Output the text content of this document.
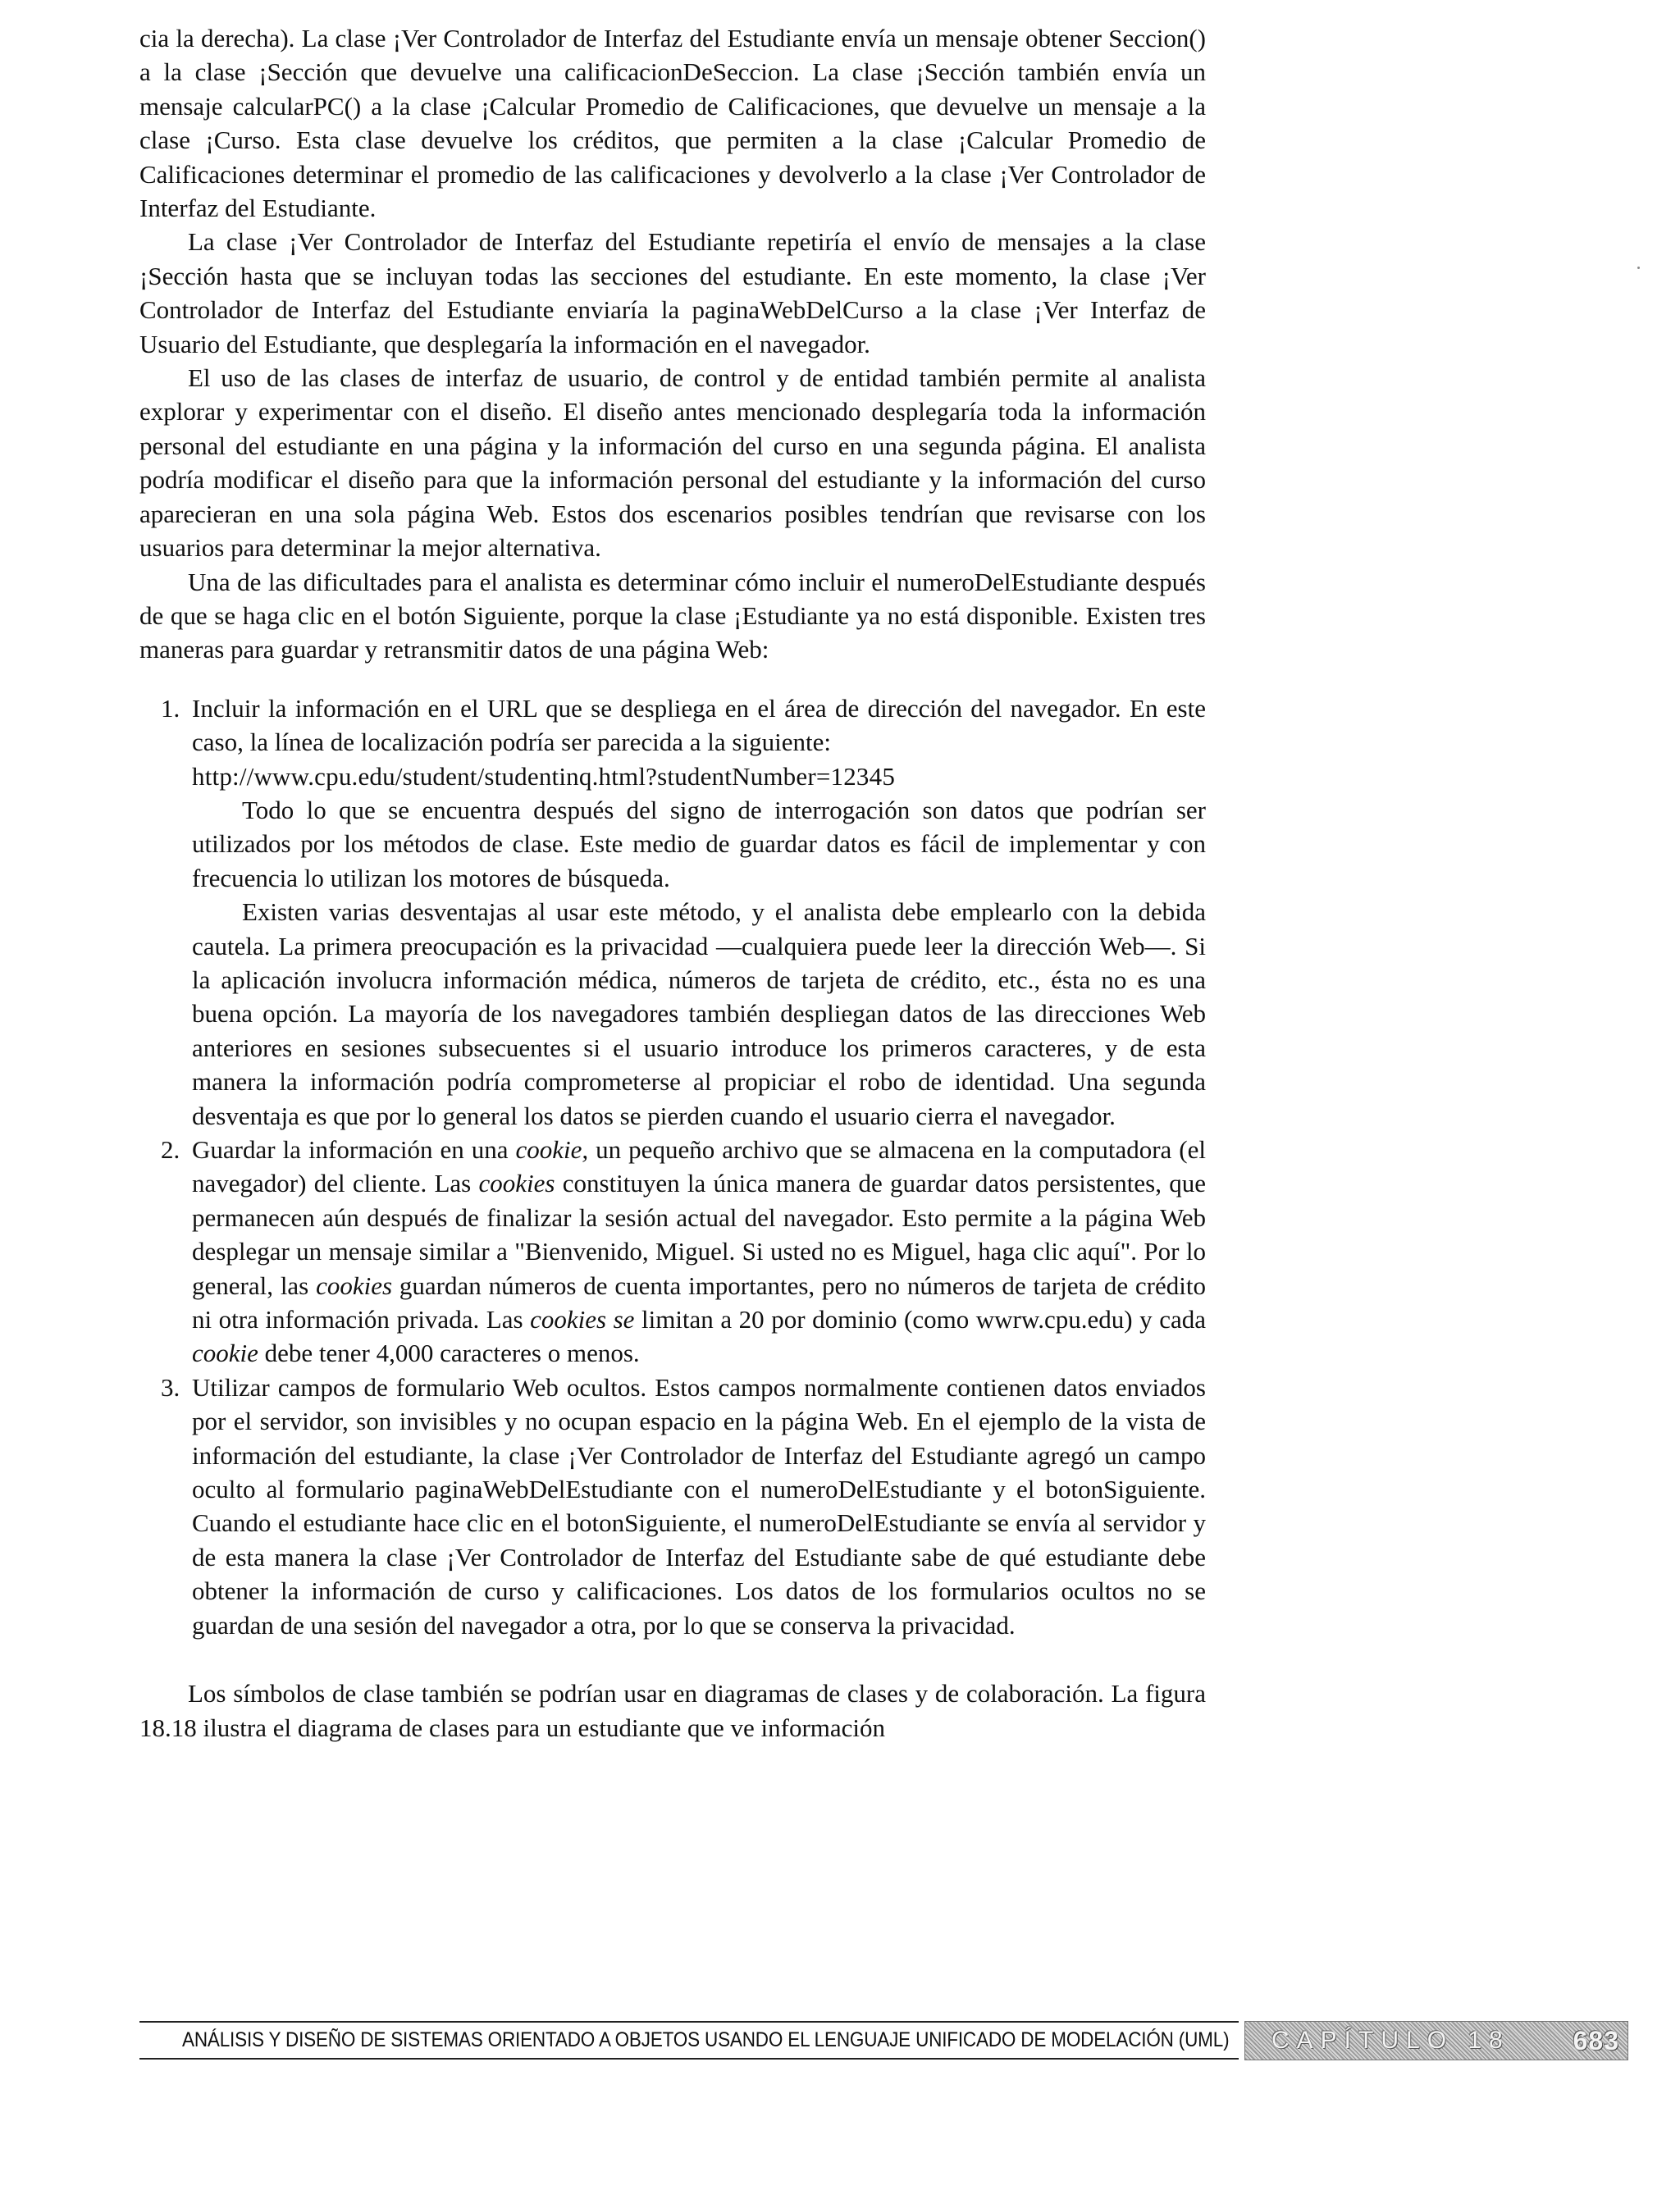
cia la derecha). La clase ¡Ver Controlador de Interfaz del Estudiante envía un mensaje obtener Seccion() a la clase ¡Sección que devuelve una calificacionDeSeccion. La clase ¡Sección también envía un mensaje calcularPC() a la clase ¡Calcular Promedio de Calificaciones, que devuelve un mensaje a la clase ¡Curso. Esta clase devuelve los créditos, que permiten a la clase ¡Calcular Promedio de Calificaciones determinar el promedio de las calificaciones y devolverlo a la clase ¡Ver Controlador de Interfaz del Estudiante.

La clase ¡Ver Controlador de Interfaz del Estudiante repetiría el envío de mensajes a la clase ¡Sección hasta que se incluyan todas las secciones del estudiante. En este momento, la clase ¡Ver Controlador de Interfaz del Estudiante enviaría la paginaWebDelCurso a la clase ¡Ver Interfaz de Usuario del Estudiante, que desplegaría la información en el navegador.

El uso de las clases de interfaz de usuario, de control y de entidad también permite al analista explorar y experimentar con el diseño. El diseño antes mencionado desplegaría toda la información personal del estudiante en una página y la información del curso en una segunda página. El analista podría modificar el diseño para que la información personal del estudiante y la información del curso aparecieran en una sola página Web. Estos dos escenarios posibles tendrían que revisarse con los usuarios para determinar la mejor alternativa.

Una de las dificultades para el analista es determinar cómo incluir el numeroDelEstudiante después de que se haga clic en el botón Siguiente, porque la clase ¡Estudiante ya no está disponible. Existen tres maneras para guardar y retransmitir datos de una página Web:

1. Incluir la información en el URL que se despliega en el área de dirección del navegador. En este caso, la línea de localización podría ser parecida a la siguiente:

http://www.cpu.edu/student/studentinq.html?studentNumber=12345

Todo lo que se encuentra después del signo de interrogación son datos que podrían ser utilizados por los métodos de clase. Este medio de guardar datos es fácil de implementar y con frecuencia lo utilizan los motores de búsqueda.

Existen varias desventajas al usar este método, y el analista debe emplearlo con la debida cautela. La primera preocupación es la privacidad —cualquiera puede leer la dirección Web—. Si la aplicación involucra información médica, números de tarjeta de crédito, etc., ésta no es una buena opción. La mayoría de los navegadores también despliegan datos de las direcciones Web anteriores en sesiones subsecuentes si el usuario introduce los primeros caracteres, y de esta manera la información podría comprometerse al propiciar el robo de identidad. Una segunda desventaja es que por lo general los datos se pierden cuando el usuario cierra el navegador.

2. Guardar la información en una cookie, un pequeño archivo que se almacena en la computadora (el navegador) del cliente. Las cookies constituyen la única manera de guardar datos persistentes, que permanecen aún después de finalizar la sesión actual del navegador. Esto permite a la página Web desplegar un mensaje similar a "Bienvenido, Miguel. Si usted no es Miguel, haga clic aquí". Por lo general, las cookies guardan números de cuenta importantes, pero no números de tarjeta de crédito ni otra información privada. Las cookies se limitan a 20 por dominio (como wwrw.cpu.edu) y cada cookie debe tener 4,000 caracteres o menos.

3. Utilizar campos de formulario Web ocultos. Estos campos normalmente contienen datos enviados por el servidor, son invisibles y no ocupan espacio en la página Web. En el ejemplo de la vista de información del estudiante, la clase ¡Ver Controlador de Interfaz del Estudiante agregó un campo oculto al formulario paginaWebDelEstudiante con el numeroDelEstudiante y el botonSiguiente. Cuando el estudiante hace clic en el botonSiguiente, el numeroDelEstudiante se envía al servidor y de esta manera la clase ¡Ver Controlador de Interfaz del Estudiante sabe de qué estudiante debe obtener la información de curso y calificaciones. Los datos de los formularios ocultos no se guardan de una sesión del navegador a otra, por lo que se conserva la privacidad.

Los símbolos de clase también se podrían usar en diagramas de clases y de colaboración. La figura 18.18 ilustra el diagrama de clases para un estudiante que ve información

ANÁLISIS Y DISEÑO DE SISTEMAS ORIENTADO A OBJETOS USANDO EL LENGUAJE UNIFICADO DE MODELACIÓN (UML) CAPÍTULO 18 683
